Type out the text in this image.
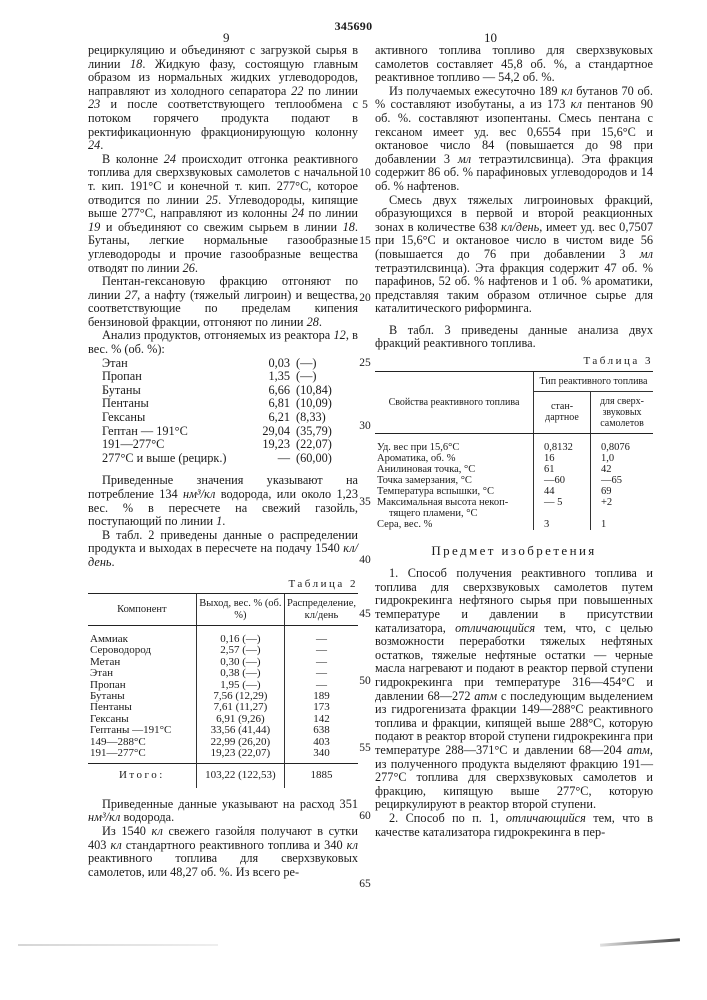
345690
9	10

рециркуляцию и объединяют с загрузкой сырья в линии 18. Жидкую фазу, состоящую главным образом из нормальных жидких углеводородов, направляют из холодного сепаратора 22 по линии 23 и после соответствующего теплообмена с потоком горячего продукта подают в ректификационную фракционирующую колонну 24.

В колонне 24 происходит отгонка реактивного топлива для сверхзвуковых самолетов с начальной т. кип. 191°С и конечной т. кип. 277°С, которое отводится по линии 25. Углеводороды, кипящие выше 277°С, направляют из колонны 24 по линии 19 и объединяют со свежим сырьем в линии 18. Бутаны, легкие нормальные газообразные углеводороды и прочие газообразные вещества отводят по линии 26.

Пентан-гексановую фракцию отгоняют по линии 27, а нафту (тяжелый лигроин) и вещества, соответствующие по пределам кипения бензиновой фракции, отгоняют по линии 28.

Анализ продуктов, отгоняемых из реактора 12, в вес. % (об. %):

Этан	0,03	(—)
Пропан	1,35	(—)
Бутаны	6,66	(10,84)
Пентаны	6,81	(10,09)
Гексаны	6,21	(8,33)
Гептан — 191°С	29,04	(35,79)
191—277°С	19,23	(22,07)
277°С и выше (рецирк.)	—	(60,00)

Приведенные значения указывают на потребление 134 нм³/кл водорода, или около 1,23 вес. % в пересчете на свежий газойль, поступающий по линии 1.

В табл. 2 приведены данные о распределении продукта и выходах в пересчете на подачу 1540 кл/день.

Таблица 2
Компонент	Выход, вес. % (об. %)	Распределение, кл/день
Аммиак	0,16 (—)	—
Сероводород	2,57 (—)	—
Метан	0,30 (—)	—
Этан	0,38 (—)	—
Пропан	1,95 (—)	—
Бутаны	7,56 (12,29)	189
Пентаны	7,61 (11,27)	173
Гексаны	6,91 (9,26)	142
Гептаны —191°С	33,56 (41,44)	638
149—288°С	22,99 (26,20)	403
191—277°С	19,23 (22,07)	340
Итого:	103,22 (122,53)	1885

Приведенные данные указывают на расход 351 нм³/кл водорода.

Из 1540 кл свежего газойля получают в сутки 403 кл стандартного реактивного топлива и 340 кл реактивного топлива для сверхзвуковых самолетов, или 48,27 об. %. Из всего ре-

5
10
15
20
25
30
35
40
45
50
55
60
65

активного топлива топливо для сверхзвуковых самолетов составляет 45,8 об. %, а стандартное реактивное топливо — 54,2 об. %.

Из получаемых ежесуточно 189 кл бутанов 70 об. % составляют изобутаны, а из 173 кл пентанов 90 об. %. составляют изопентаны. Смесь пентана с гексаном имеет уд. вес 0,6554 при 15,6°С и октановое число 84 (повышается до 98 при добавлении 3 мл тетраэтилсвинца). Эта фракция содержит 86 об. % парафиновых углеводородов и 14 об. % нафтенов.

Смесь двух тяжелых лигроиновых фракций, образующихся в первой и второй реакционных зонах в количестве 638 кл/день, имеет уд. вес 0,7507 при 15,6°С и октановое число в чистом виде 56 (повышается до 76 при добавлении 3 мл тетраэтилсвинца). Эта фракция содержит 47 об. % парафинов, 52 об. % нафтенов и 1 об. % ароматики, представляя таким образом отличное сырье для каталитического риформинга.

В табл. 3 приведены данные анализа двух фракций реактивного топлива.

Таблица 3
Свойства реактивного топлива	Тип реактивного топлива	
	стан-дартное	для сверх-звуковых самолетов
Уд. вес при 15,6°С	0,8132	0,8076
Ароматика, об. %	16	1,0
Анилиновая точка, °С	61	42
Точка замерзания, °С	—60	—65
Температура вспышки, °С	44	69
Максимальная высота некоп-
тящего пламени, °С	— 5	+2
Сера, вес. %	3	1
Предмет изобретения

1. Способ получения реактивного топлива и топлива для сверхзвуковых самолетов путем гидрокрекинга нефтяного сырья при повышенных температуре и давлении в присутствии катализатора, отличающийся тем, что, с целью возможности переработки тяжелых нефтяных остатков, тяжелые нефтяные остатки — черные масла нагревают и подают в реактор первой ступени гидрокрекинга при температуре 316—454°С и давлении 68—272 атм с последующим выделением из гидрогенизата фракции 149—288°С реактивного топлива и фракции, кипящей выше 288°С, которую подают в реактор второй ступени гидрокрекинга при температуре 288—371°С и давлении 68—204 атм, из полученного продукта выделяют фракцию 191—277°С топлива для сверхзвуковых самолетов и фракцию, кипящую выше 277°С, которую рециркулируют в реактор второй ступени.

2. Способ по п. 1, отличающийся тем, что в качестве катализатора гидрокрекинга в пер-
